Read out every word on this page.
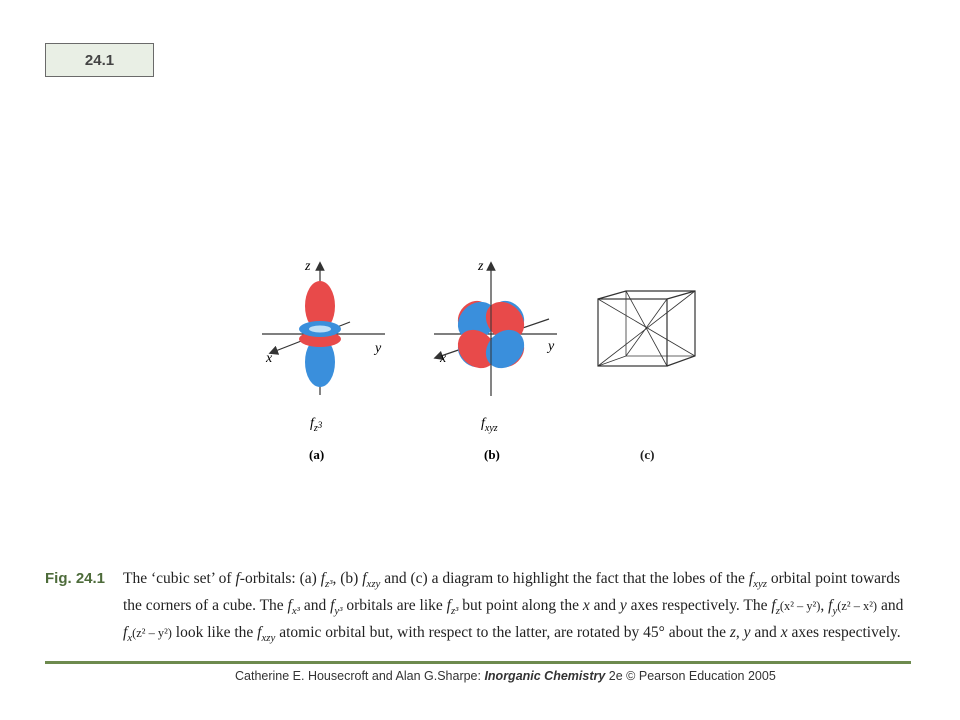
24.1
z
x
y
$f_z^3$
(a)
z
x
y
$f_{xyz}$
(b)	(c)
Fig. 24.1 The ‘cubic set’ of f-orbitals: (a) $f_{z^3}$, (b) $f_{xzy}$ and (c) a diagram to highlight the fact that the lobes of the $f_{xyz}$ orbital point towards the corners of a cube. The $f_{x^3}$ and $f_{y^3}$ orbitals are like $f_{z^3}$ but point along the x and y axes respectively. The $f_z(x^2 - y^2)$, $f_y(z^2 - x^2)$ and $f_x(z^2 - y^2)$ look like the $f_{xzy}$ atomic orbital but, with respect to the latter, are rotated by 45° about the z, y and x axes respectively.
Catherine E. Housecroft and Alan G.Sharpe: Inorganic Chemistry 2e © Pearson Education 2005
